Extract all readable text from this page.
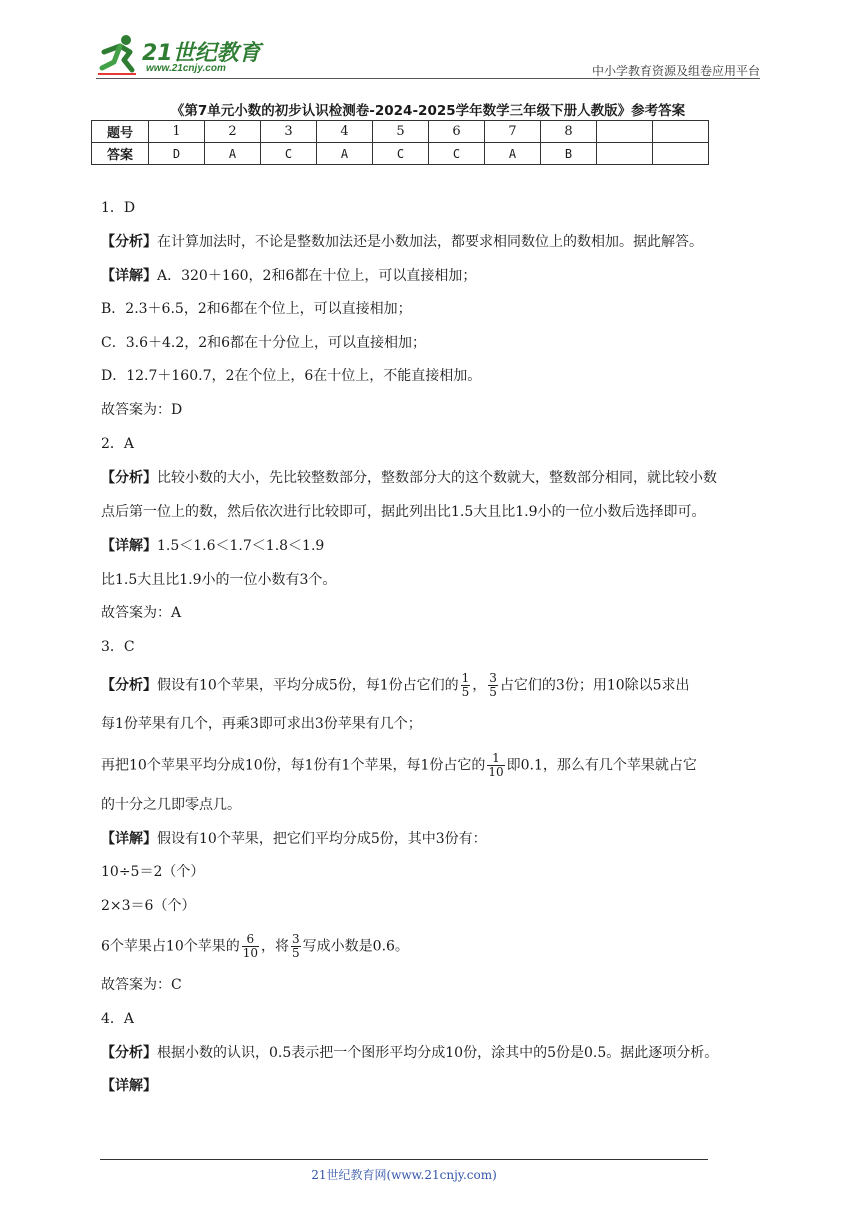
21世纪教育
www.21cnjy.com	中小学教育资源及组卷应用平台
《第7单元小数的初步认识检测卷-2024-2025学年数学三年级下册人教版》参考答案
题号	1	2	3	4	5	6	7	8		
答案	D	A	C	A	C	C	A	B		
1．D
【分析】在计算加法时，不论是整数加法还是小数加法，都要求相同数位上的数相加。据此解答。
【详解】A．320＋160，2和6都在十位上，可以直接相加；
B．2.3＋6.5，2和6都在个位上，可以直接相加；
C．3.6＋4.2，2和6都在十分位上，可以直接相加；
D．12.7＋160.7，2在个位上，6在十位上，不能直接相加。
故答案为：D
2．A
【分析】比较小数的大小，先比较整数部分，整数部分大的这个数就大，整数部分相同，就比较小数
点后第一位上的数，然后依次进行比较即可，据此列出比1.5大且比1.9小的一位小数后选择即可。
【详解】1.5＜1.6＜1.7＜1.8＜1.9
比1.5大且比1.9小的一位小数有3个。
故答案为：A
3．C
【分析】假设有10个苹果，平均分成5份，每1份占它们的 $\frac{1}{5}$ ， $\frac{3}{5}$ 占它们的3份；用10除以5求出
每1份苹果有几个，再乘3即可求出3份苹果有几个；
再把10个苹果平均分成10份，每1份有1个苹果，每1份占它的 $\frac{1}{10}$ 即0.1，那么有几个苹果就占它
的十分之几即零点几。
【详解】假设有10个苹果，把它们平均分成5份，其中3份有：
10÷5＝2（个）
2×3＝6（个）
6个苹果占10个苹果的 $\frac{6}{10}$ ，将 $\frac{3}{5}$ 写成小数是0.6。
故答案为：C
4．A
【分析】根据小数的认识，0.5表示把一个图形平均分成10份，涂其中的5份是0.5。据此逐项分析。
【详解】
21世纪教育网(www.21cnjy.com)
